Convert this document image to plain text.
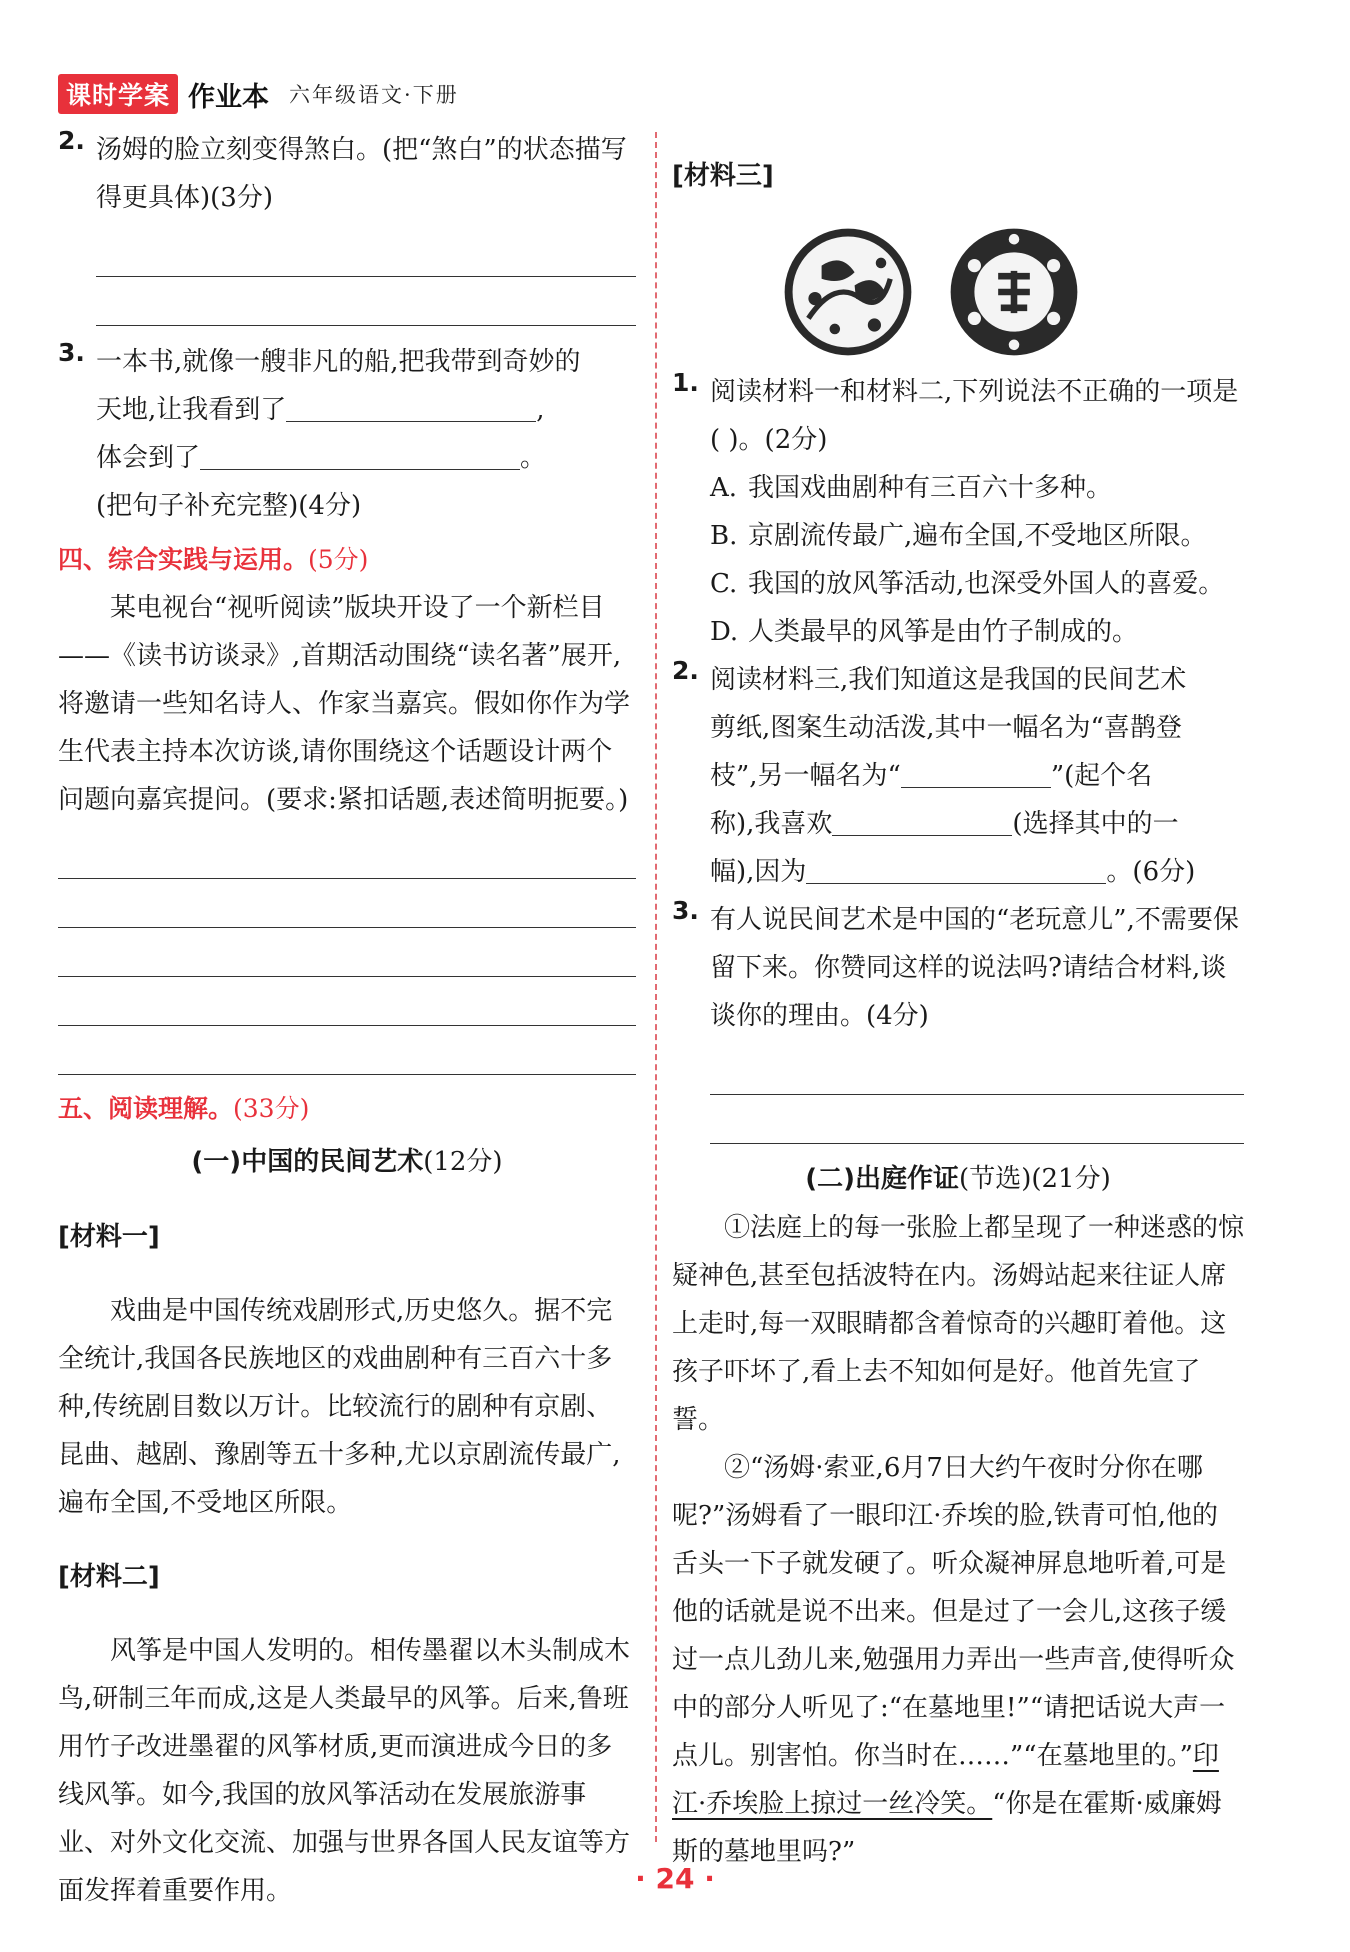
课时学案 作业本 六年级语文·下册
2. 汤姆的脸立刻变得煞白。(把“煞白”的状态描写得更具体)(3分)

3. 一本书,就像一艘非凡的船,把我带到奇妙的

天地,让我看到了	,

体会到了	。

(把句子补充完整)(4分)

四、综合实践与运用。(5分)

某电视台“视听阅读”版块开设了一个新栏目——《读书访谈录》,首期活动围绕“读名著”展开,将邀请一些知名诗人、作家当嘉宾。假如你作为学生代表主持本次访谈,请你围绕这个话题设计两个问题向嘉宾提问。(要求:紧扣话题,表述简明扼要。)

五、阅读理解。(33分)

(一)中国的民间艺术(12分)

[材料一]

戏曲是中国传统戏剧形式,历史悠久。据不完全统计,我国各民族地区的戏曲剧种有三百六十多种,传统剧目数以万计。比较流行的剧种有京剧、昆曲、越剧、豫剧等五十多种,尤以京剧流传最广,遍布全国,不受地区所限。

[材料二]

风筝是中国人发明的。相传墨翟以木头制成木鸟,研制三年而成,这是人类最早的风筝。后来,鲁班用竹子改进墨翟的风筝材质,更而演进成今日的多线风筝。如今,我国的放风筝活动在发展旅游事业、对外文化交流、加强与世界各国人民友谊等方面发挥着重要作用。

[材料三]

1. 阅读材料一和材料二,下列说法不正确的一项是( )。(2分)

A. 我国戏曲剧种有三百六十多种。

B. 京剧流传最广,遍布全国,不受地区所限。

C. 我国的放风筝活动,也深受外国人的喜爱。

D. 人类最早的风筝是由竹子制成的。

2. 阅读材料三,我们知道这是我国的民间艺术

剪纸,图案生动活泼,其中一幅名为“喜鹊登

枝”,另一幅名为“	”(起个名

称),我喜欢	(选择其中的一

幅),因为	。(6分)

3. 有人说民间艺术是中国的“老玩意儿”,不需要保留下来。你赞同这样的说法吗?请结合材料,谈谈你的理由。(4分)

(二)出庭作证(节选)(21分)

①法庭上的每一张脸上都呈现了一种迷惑的惊疑神色,甚至包括波特在内。汤姆站起来往证人席上走时,每一双眼睛都含着惊奇的兴趣盯着他。这孩子吓坏了,看上去不知如何是好。他首先宣了誓。

②“汤姆·索亚,6月7日大约午夜时分你在哪呢?”汤姆看了一眼印江·乔埃的脸,铁青可怕,他的舌头一下子就发硬了。听众凝神屏息地听着,可是他的话就是说不出来。但是过了一会儿,这孩子缓过一点儿劲儿来,勉强用力弄出一些声音,使得听众中的部分人听见了:“在墓地里!”“请把话说大声一点儿。别害怕。你当时在……”“在墓地里的。”印江·乔埃脸上掠过一丝冷笑。“你是在霍斯·威廉姆斯的墓地里吗?”

· 24 ·
